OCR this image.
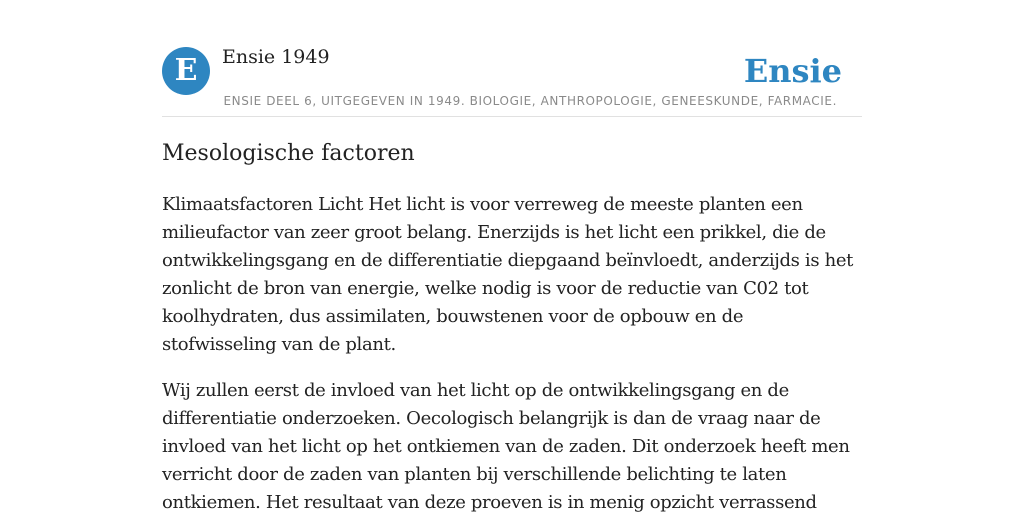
E	Ensie 1949	Ensie
ENSIE DEEL 6, UITGEGEVEN IN 1949. BIOLOGIE, ANTHROPOLOGIE, GENEESKUNDE, FARMACIE.
Mesologische factoren

Klimaatsfactoren Licht Het licht is voor verreweg de meeste planten een milieufactor van zeer groot belang. Enerzijds is het licht een prikkel, die de ontwikkelingsgang en de differentiatie diepgaand beïnvloedt, anderzijds is het zonlicht de bron van energie, welke nodig is voor de reductie van C02 tot koolhydraten, dus assimilaten, bouwstenen voor de opbouw en de stofwisseling van de plant.

Wij zullen eerst de invloed van het licht op de ontwikkelingsgang en de differentiatie onderzoeken. Oecologisch belangrijk is dan de vraag naar de invloed van het licht op het ontkiemen van de zaden. Dit onderzoek heeft men verricht door de zaden van planten bij verschillende belichting te laten ontkiemen. Het resultaat van deze proeven is in menig opzicht verrassend
